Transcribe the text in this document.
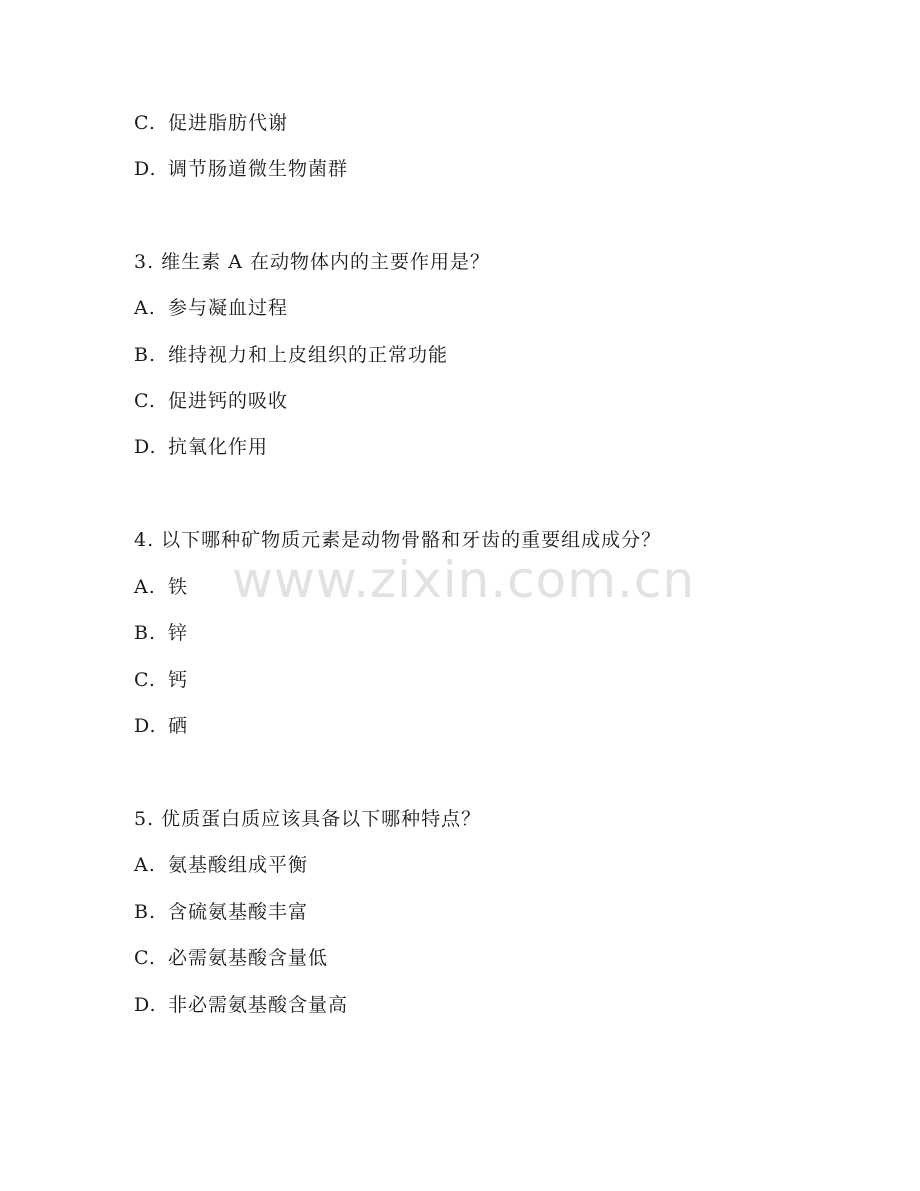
C. 促进脂肪代谢
D. 调节肠道微生物菌群
3. 维生素 A 在动物体内的主要作用是？
A. 参与凝血过程
B. 维持视力和上皮组织的正常功能
C. 促进钙的吸收
D. 抗氧化作用
4. 以下哪种矿物质元素是动物骨骼和牙齿的重要组成成分？
A. 铁
B. 锌
C. 钙
D. 硒
5. 优质蛋白质应该具备以下哪种特点？
A. 氨基酸组成平衡
B. 含硫氨基酸丰富
C. 必需氨基酸含量低
D. 非必需氨基酸含量高
www.zixin.com.cn
